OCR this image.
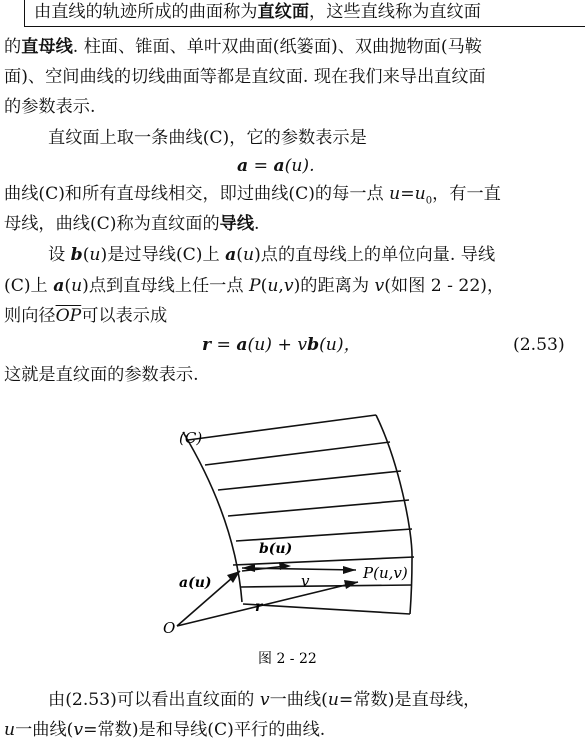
由直线的轨迹所成的曲面称为直纹面，这些直线称为直纹面
的直母线. 柱面、锥面、单叶双曲面(纸篓面)、双曲抛物面(马鞍
面)、空间曲线的切线曲面等都是直纹面. 现在我们来导出直纹面
的参数表示.
直纹面上取一条曲线(C)，它的参数表示是
a = a(u).
曲线(C)和所有直母线相交，即过曲线(C)的每一点 $u=u_0$，有一直
母线，曲线(C)称为直纹面的导线.
设 b(u)是过导线(C)上 a(u)点的直母线上的单位向量. 导线
(C)上 a(u)点到直母线上任一点 P(u,v)的距离为 v(如图 2 - 22)，
则向径$\overline{OP}$可以表示成
r = a(u) + vb(u)，	(2.53)
这就是直纹面的参数表示.
(C)
b(u)
v	P(u,v)
a(u)
r
O
图 2 - 22
由(2.53)可以看出直纹面的 v一曲线(u=常数)是直母线，
u一曲线(v=常数)是和导线(C)平行的曲线.
